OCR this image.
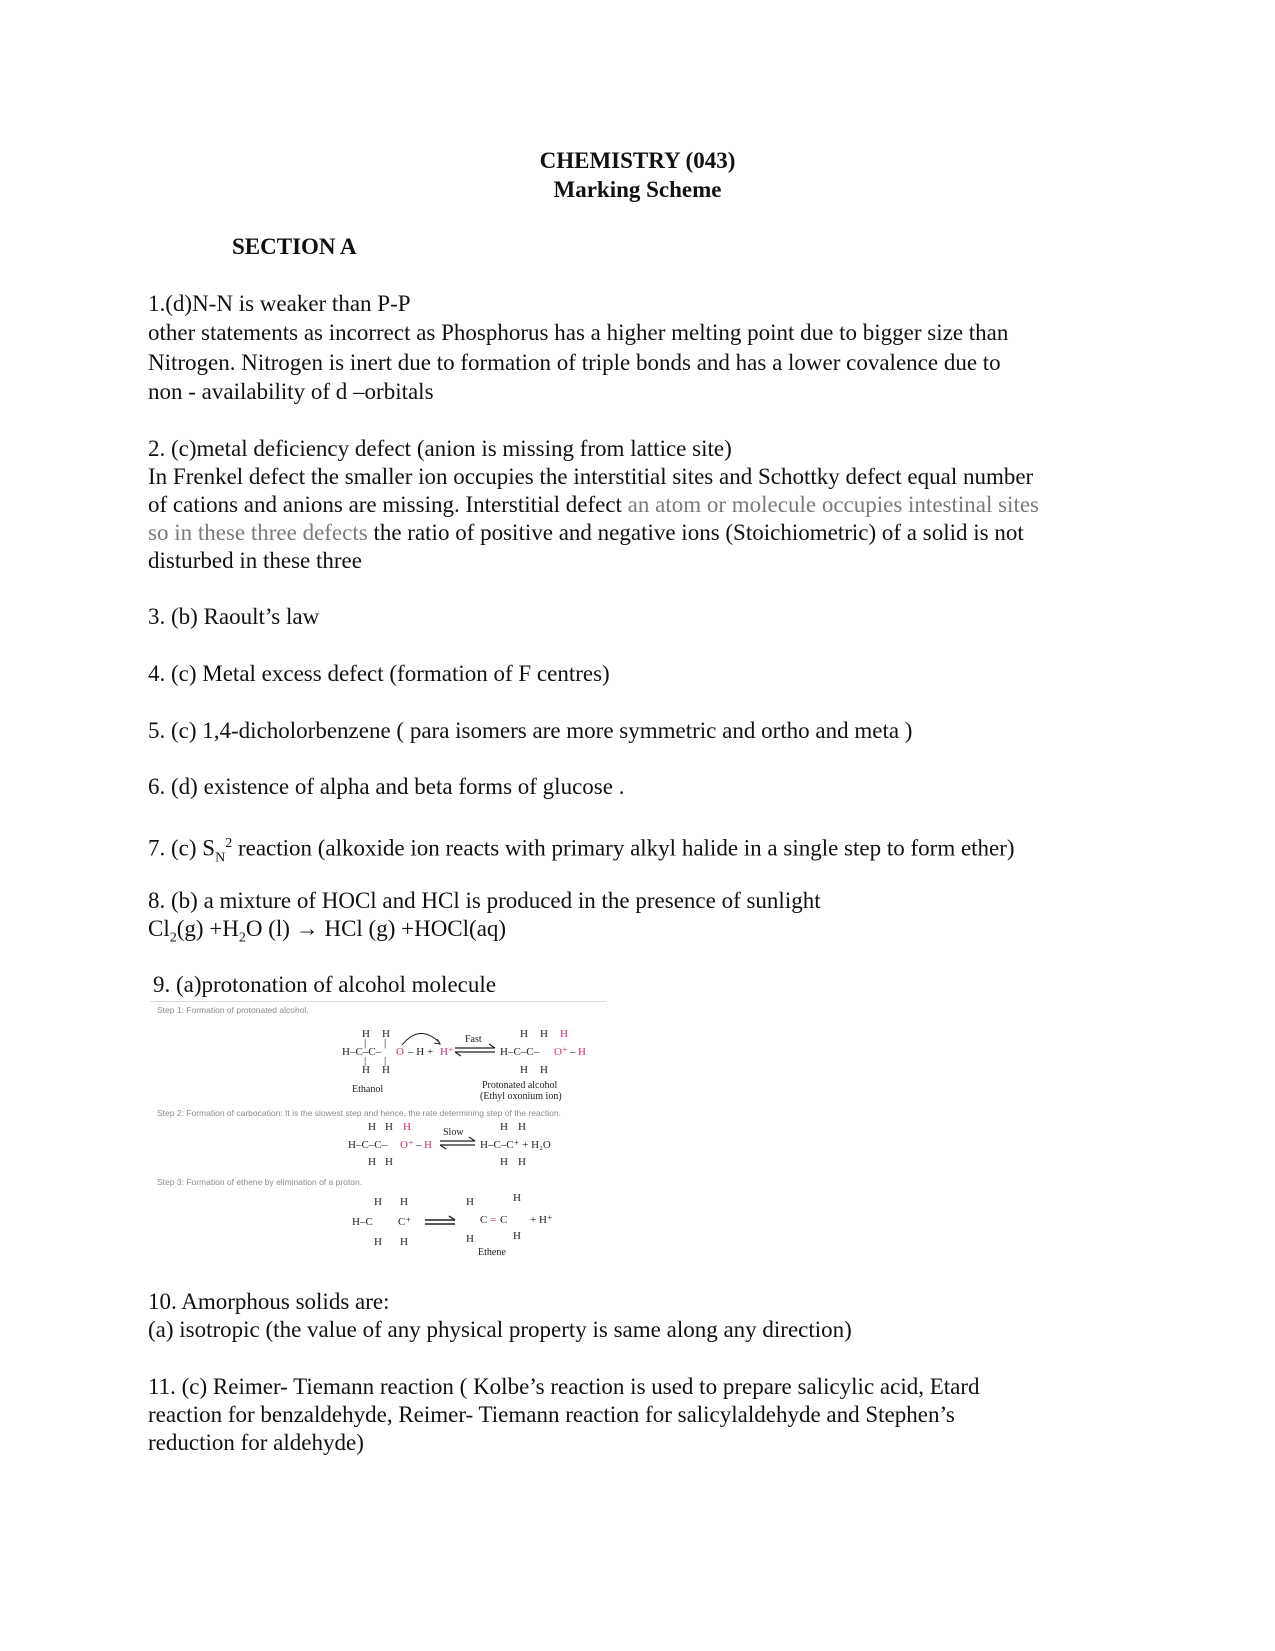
CHEMISTRY (043)
Marking Scheme
SECTION A
1.(d)N-N is weaker than P-P
other statements as incorrect as Phosphorus has a higher melting point due to bigger size than
Nitrogen. Nitrogen is inert due to formation of triple bonds and has a lower covalence due to
non - availability of d –orbitals
2. (c)metal deficiency defect (anion is missing from lattice site)
In Frenkel defect the smaller ion occupies the interstitial sites and Schottky defect equal number
of cations and anions are missing. Interstitial defect an atom or molecule occupies intestinal sites
so in these three defects the ratio of positive and negative ions (Stoichiometric) of a solid is not
disturbed in these three
3. (b) Raoult’s law
4. (c) Metal excess defect (formation of F centres)
5. (c) 1,4-dicholorbenzene ( para isomers are more symmetric and ortho and meta )
6. (d) existence of alpha and beta forms of glucose .
7. (c) $S_N^2$ reaction (alkoxide ion reacts with primary alkyl halide in a single step to form ether)
8. (b) a mixture of HOCl and HCl is produced in the presence of sunlight
$Cl_2(g) +H_2O$ (l) → HCl (g) +HOCl(aq)
9. (a)protonation of alcohol molecule
Step 1: Formation of protonated alcohol.
Step 2: Formation of carbocation: It is the slowest step and hence, the rate determining step of the reaction.
Step 3: Formation of ethene by elimination of a proton.
H H
| |
H–C–C– O – H + H⁺
| |
H H
Ethanol
Fast	H H H
H–C–C– O⁺ – H
H H
Protonated alcohol
(Ethyl oxonium ion)
H H H
H–C–C– O⁺ – H
H H
Slow	H H
H–C–C⁺ + H₂O
H H
H H
H–C C⁺
H H
H	H
C = C
H	H
+ H⁺
Ethene
10. Amorphous solids are:
(a) isotropic (the value of any physical property is same along any direction)
11. (c) Reimer- Tiemann reaction ( Kolbe’s reaction is used to prepare salicylic acid, Etard
reaction for benzaldehyde, Reimer- Tiemann reaction for salicylaldehyde and Stephen’s
reduction for aldehyde)
